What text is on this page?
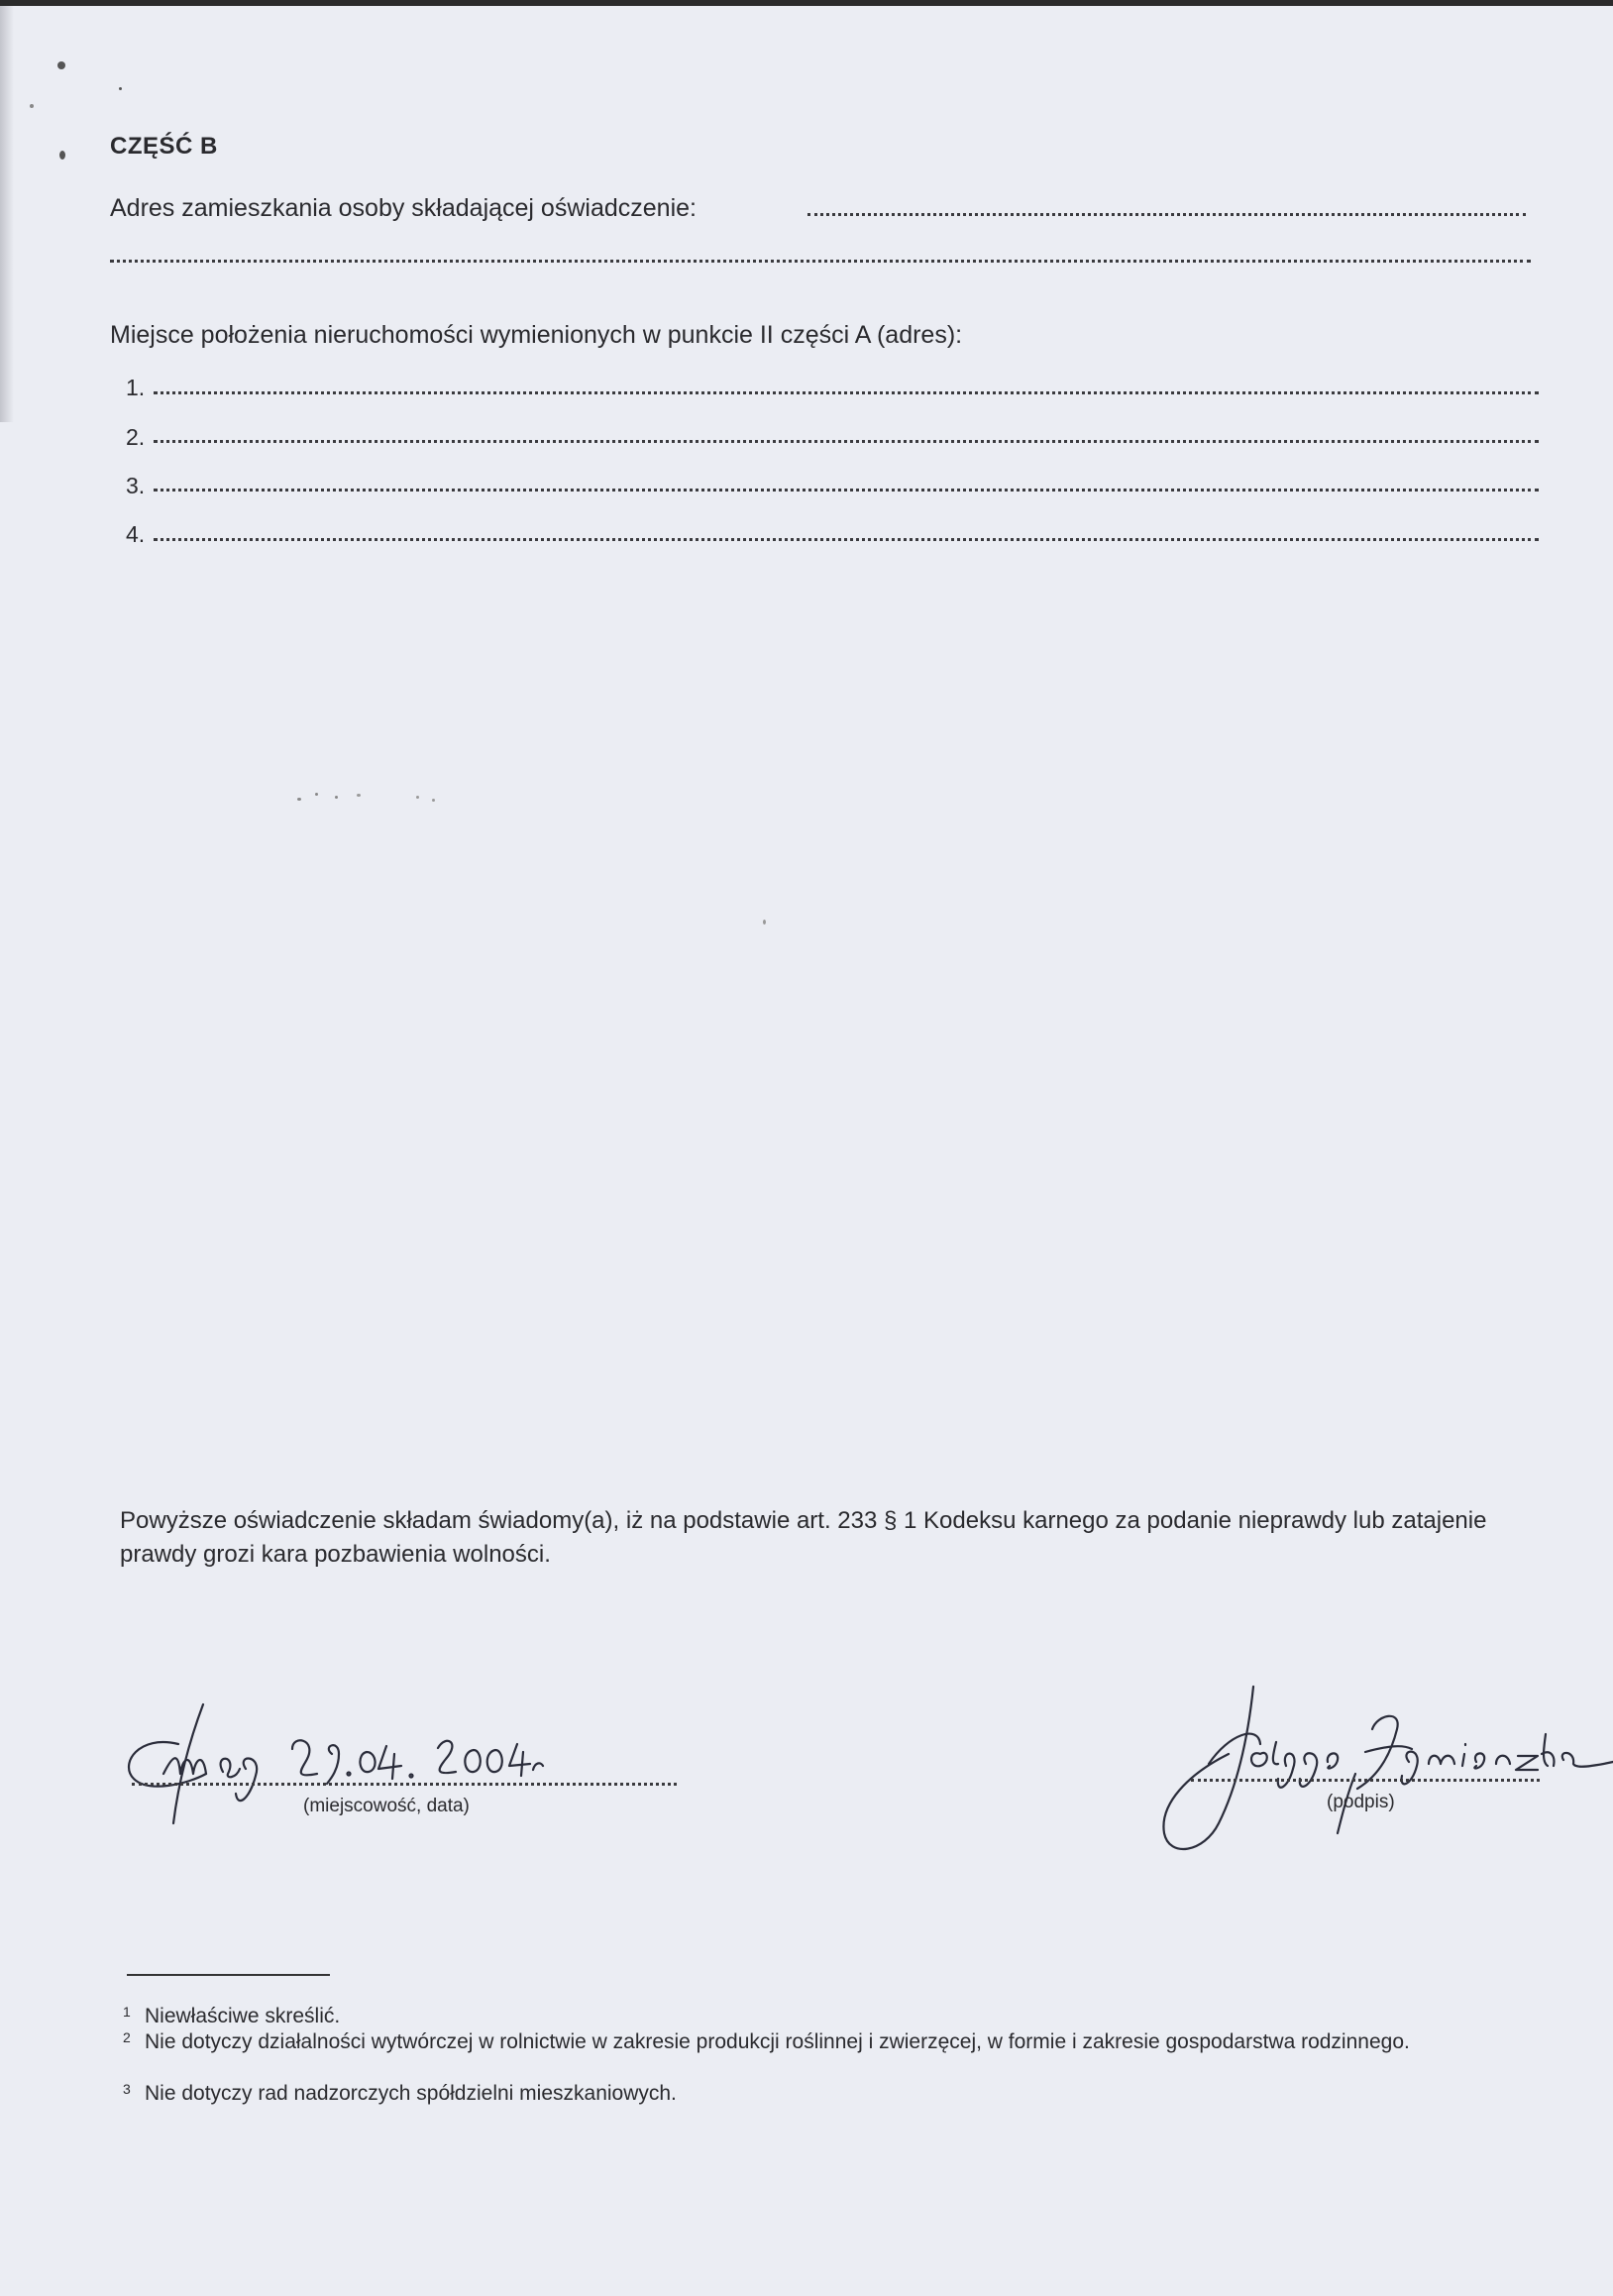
CZĘŚĆ B
Adres zamieszkania osoby składającej oświadczenie:
Miejsce położenia nieruchomości wymienionych w punkcie II części A (adres):
1.
2.
3.
4.
Powyższe oświadczenie składam świadomy(a), iż na podstawie art. 233 § 1 Kodeksu karnego za podanie nieprawdy lub zatajenie prawdy grozi kara pozbawienia wolności.
(miejscowość, data)	(podpis)
1 Niewłaściwe skreślić.
2 Nie dotyczy działalności wytwórczej w rolnictwie w zakresie produkcji roślinnej i zwierzęcej, w formie i zakresie gospodarstwa rodzinnego.
3 Nie dotyczy rad nadzorczych spółdzielni mieszkaniowych.
